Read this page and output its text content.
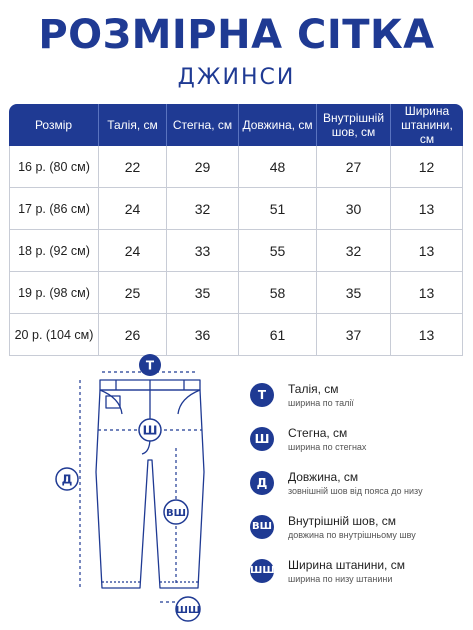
РОЗМІРНА СІТКА
ДЖИНСИ
Розмір	Талія, см	Стегна, см	Довжина, см	Внутрішній шов, см	Ширина штанини, см
16 р. (80 см)	22	29	48	27	12
17 р. (86 см)	24	32	51	30	13
18 р. (92 см)	24	33	55	32	13
19 р. (98 см)	25	35	58	35	13
20 р. (104 см)	26	36	61	37	13
Т
Ш
Д
ВШ
ШШ
Т	Талія, см
ширина по талії
Ш	Стегна, см
ширина по стегнах
Д	Довжина, см
зовнішній шов від пояса до низу
ВШ Внутрішній шов, см
довжина по внутрішньому шву
ШШ Ширина штанини, см
ширина по низу штанини
